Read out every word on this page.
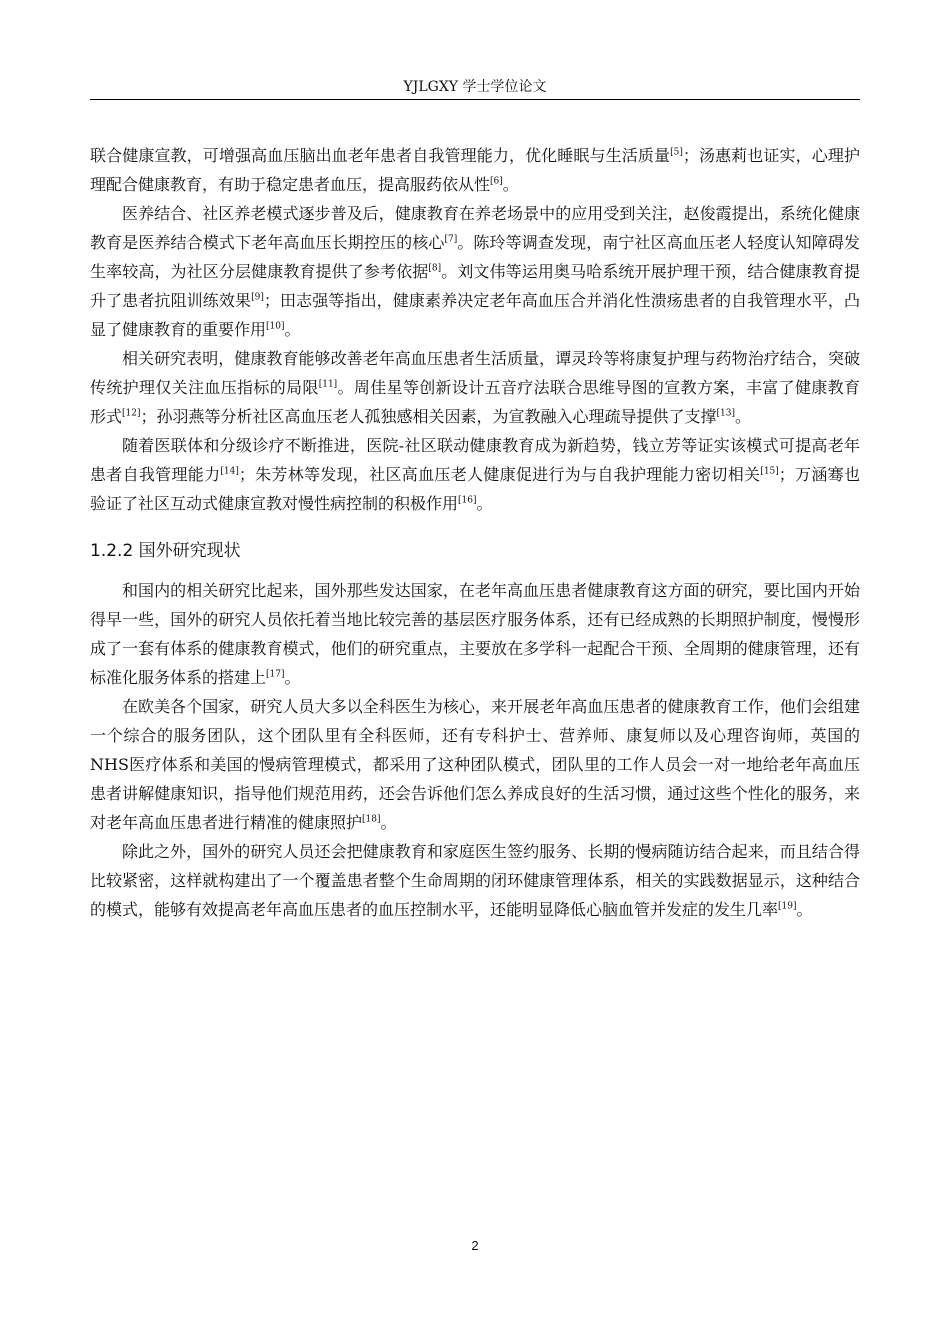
YJLGXY 学士学位论文

联合健康宣教，可增强高血压脑出血老年患者自我管理能力，优化睡眠与生活质量[5]；汤惠莉也证实，心理护理配合健康教育，有助于稳定患者血压，提高服药依从性[6]。

医养结合、社区养老模式逐步普及后，健康教育在养老场景中的应用受到关注，赵俊霞提出，系统化健康教育是医养结合模式下老年高血压长期控压的核心[7]。陈玲等调查发现，南宁社区高血压老人轻度认知障碍发生率较高，为社区分层健康教育提供了参考依据[8]。刘文伟等运用奥马哈系统开展护理干预，结合健康教育提升了患者抗阻训练效果[9]；田志强等指出，健康素养决定老年高血压合并消化性溃疡患者的自我管理水平，凸显了健康教育的重要作用[10]。

相关研究表明，健康教育能够改善老年高血压患者生活质量，谭灵玲等将康复护理与药物治疗结合，突破传统护理仅关注血压指标的局限[11]。周佳星等创新设计五音疗法联合思维导图的宣教方案，丰富了健康教育形式[12]；孙羽燕等分析社区高血压老人孤独感相关因素，为宣教融入心理疏导提供了支撑[13]。

随着医联体和分级诊疗不断推进，医院-社区联动健康教育成为新趋势，钱立芳等证实该模式可提高老年患者自我管理能力[14]；朱芳林等发现，社区高血压老人健康促进行为与自我护理能力密切相关[15]；万涵骞也验证了社区互动式健康宣教对慢性病控制的积极作用[16]。

1.2.2 国外研究现状

和国内的相关研究比起来，国外那些发达国家，在老年高血压患者健康教育这方面的研究，要比国内开始得早一些，国外的研究人员依托着当地比较完善的基层医疗服务体系，还有已经成熟的长期照护制度，慢慢形成了一套有体系的健康教育模式，他们的研究重点，主要放在多学科一起配合干预、全周期的健康管理，还有标准化服务体系的搭建上[17]。

在欧美各个国家，研究人员大多以全科医生为核心，来开展老年高血压患者的健康教育工作，他们会组建一个综合的服务团队，这个团队里有全科医师，还有专科护士、营养师、康复师以及心理咨询师，英国的NHS医疗体系和美国的慢病管理模式，都采用了这种团队模式，团队里的工作人员会一对一地给老年高血压患者讲解健康知识，指导他们规范用药，还会告诉他们怎么养成良好的生活习惯，通过这些个性化的服务，来对老年高血压患者进行精准的健康照护[18]。

除此之外，国外的研究人员还会把健康教育和家庭医生签约服务、长期的慢病随访结合起来，而且结合得比较紧密，这样就构建出了一个覆盖患者整个生命周期的闭环健康管理体系，相关的实践数据显示，这种结合的模式，能够有效提高老年高血压患者的血压控制水平，还能明显降低心脑血管并发症的发生几率[19]。

2
